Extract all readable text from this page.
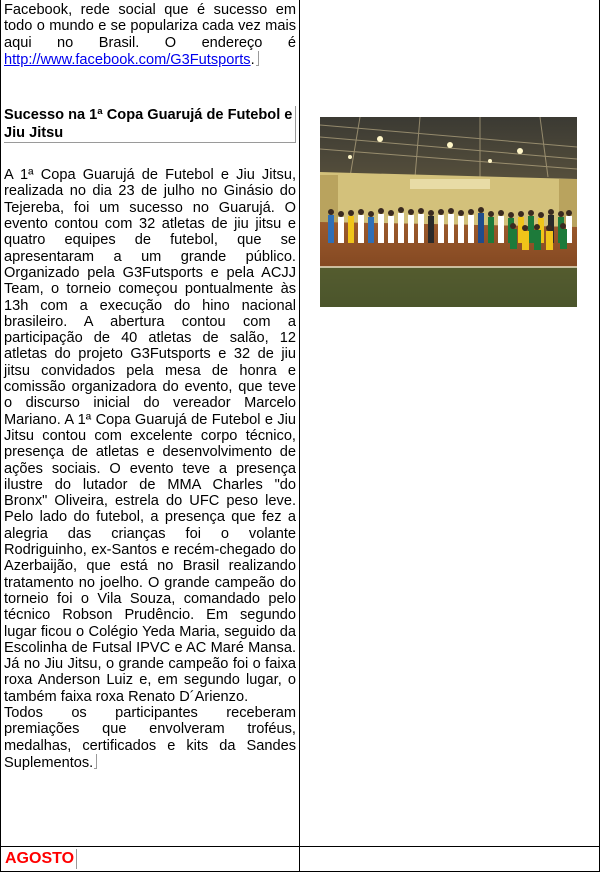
Facebook, rede social que é sucesso em todo o mundo e se populariza cada vez mais aqui no Brasil. O endereço é http://www.facebook.com/G3Futsports.

Sucesso na 1ª Copa Guarujá de Futebol e Jiu Jitsu

A 1ª Copa Guarujá de Futebol e Jiu Jitsu, realizada no dia 23 de julho no Ginásio do Tejereba, foi um sucesso no Guarujá. O evento contou com 32 atletas de jiu jitsu e quatro equipes de futebol, que se apresentaram a um grande público. Organizado pela G3Futsports e pela ACJJ Team, o torneio começou pontualmente às 13h com a execução do hino nacional brasileiro. A abertura contou com a participação de 40 atletas de salão, 12 atletas do projeto G3Futsports e 32 de jiu jitsu convidados pela mesa de honra e comissão organizadora do evento, que teve o discurso inicial do vereador Marcelo Mariano. A 1ª Copa Guarujá de Futebol e Jiu Jitsu contou com excelente corpo técnico, presença de atletas e desenvolvimento de ações sociais. O evento teve a presença ilustre do lutador de MMA Charles "do Bronx" Oliveira, estrela do UFC peso leve. Pelo lado do futebol, a presença que fez a alegria das crianças foi o volante Rodriguinho, ex-Santos e recém-chegado do Azerbaijão, que está no Brasil realizando tratamento no joelho. O grande campeão do torneio foi o Vila Souza, comandado pelo técnico Robson Prudêncio. Em segundo lugar ficou o Colégio Yeda Maria, seguido da Escolinha de Futsal IPVC e AC Maré Mansa. Já no Jiu Jitsu, o grande campeão foi o faixa roxa Anderson Luiz e, em segundo lugar, o também faixa roxa Renato D´Arienzo.

Todos os participantes receberam premiações que envolveram troféus, medalhas, certificados e kits da Sandes Suplementos.

AGOSTO
